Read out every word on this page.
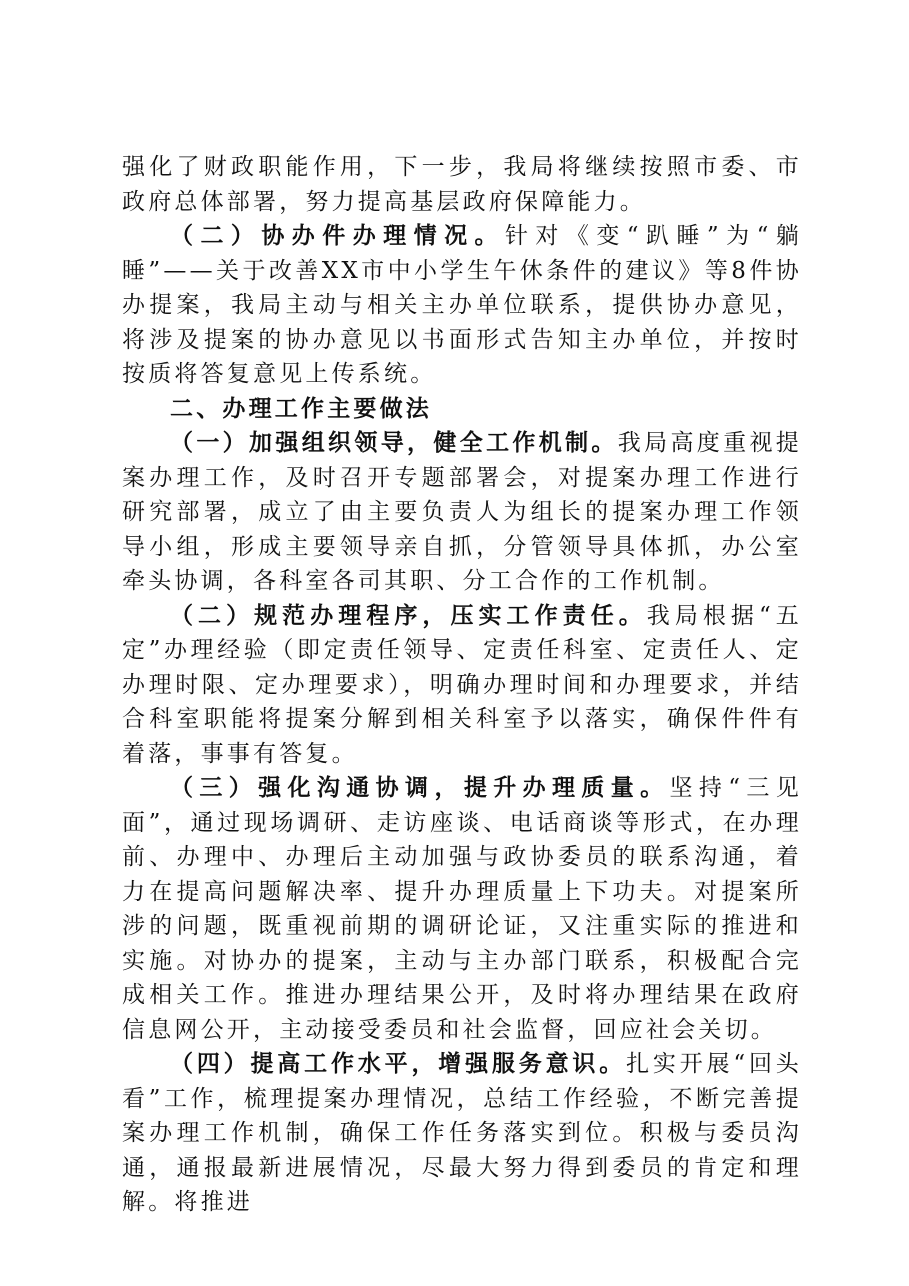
强化了财政职能作用，下一步，我局将继续按照市委、市政府总体部署，努力提高基层政府保障能力。

（二）协办件办理情况。针对《变“趴睡”为“躺睡”——关于改善XX市中小学生午休条件的建议》等8件协办提案，我局主动与相关主办单位联系，提供协办意见，将涉及提案的协办意见以书面形式告知主办单位，并按时按质将答复意见上传系统。

二、办理工作主要做法

（一）加强组织领导，健全工作机制。我局高度重视提案办理工作，及时召开专题部署会，对提案办理工作进行研究部署，成立了由主要负责人为组长的提案办理工作领导小组，形成主要领导亲自抓，分管领导具体抓，办公室牵头协调，各科室各司其职、分工合作的工作机制。

（二）规范办理程序，压实工作责任。我局根据“五定”办理经验（即定责任领导、定责任科室、定责任人、定办理时限、定办理要求），明确办理时间和办理要求，并结合科室职能将提案分解到相关科室予以落实，确保件件有着落，事事有答复。

（三）强化沟通协调，提升办理质量。坚持“三见面”，通过现场调研、走访座谈、电话商谈等形式，在办理前、办理中、办理后主动加强与政协委员的联系沟通，着力在提高问题解决率、提升办理质量上下功夫。对提案所涉的问题，既重视前期的调研论证，又注重实际的推进和实施。对协办的提案，主动与主办部门联系，积极配合完成相关工作。推进办理结果公开，及时将办理结果在政府信息网公开，主动接受委员和社会监督，回应社会关切。

（四）提高工作水平，增强服务意识。扎实开展“回头看”工作，梳理提案办理情况，总结工作经验，不断完善提案办理工作机制，确保工作任务落实到位。积极与委员沟通，通报最新进展情况，尽最大努力得到委员的肯定和理解。将推进
